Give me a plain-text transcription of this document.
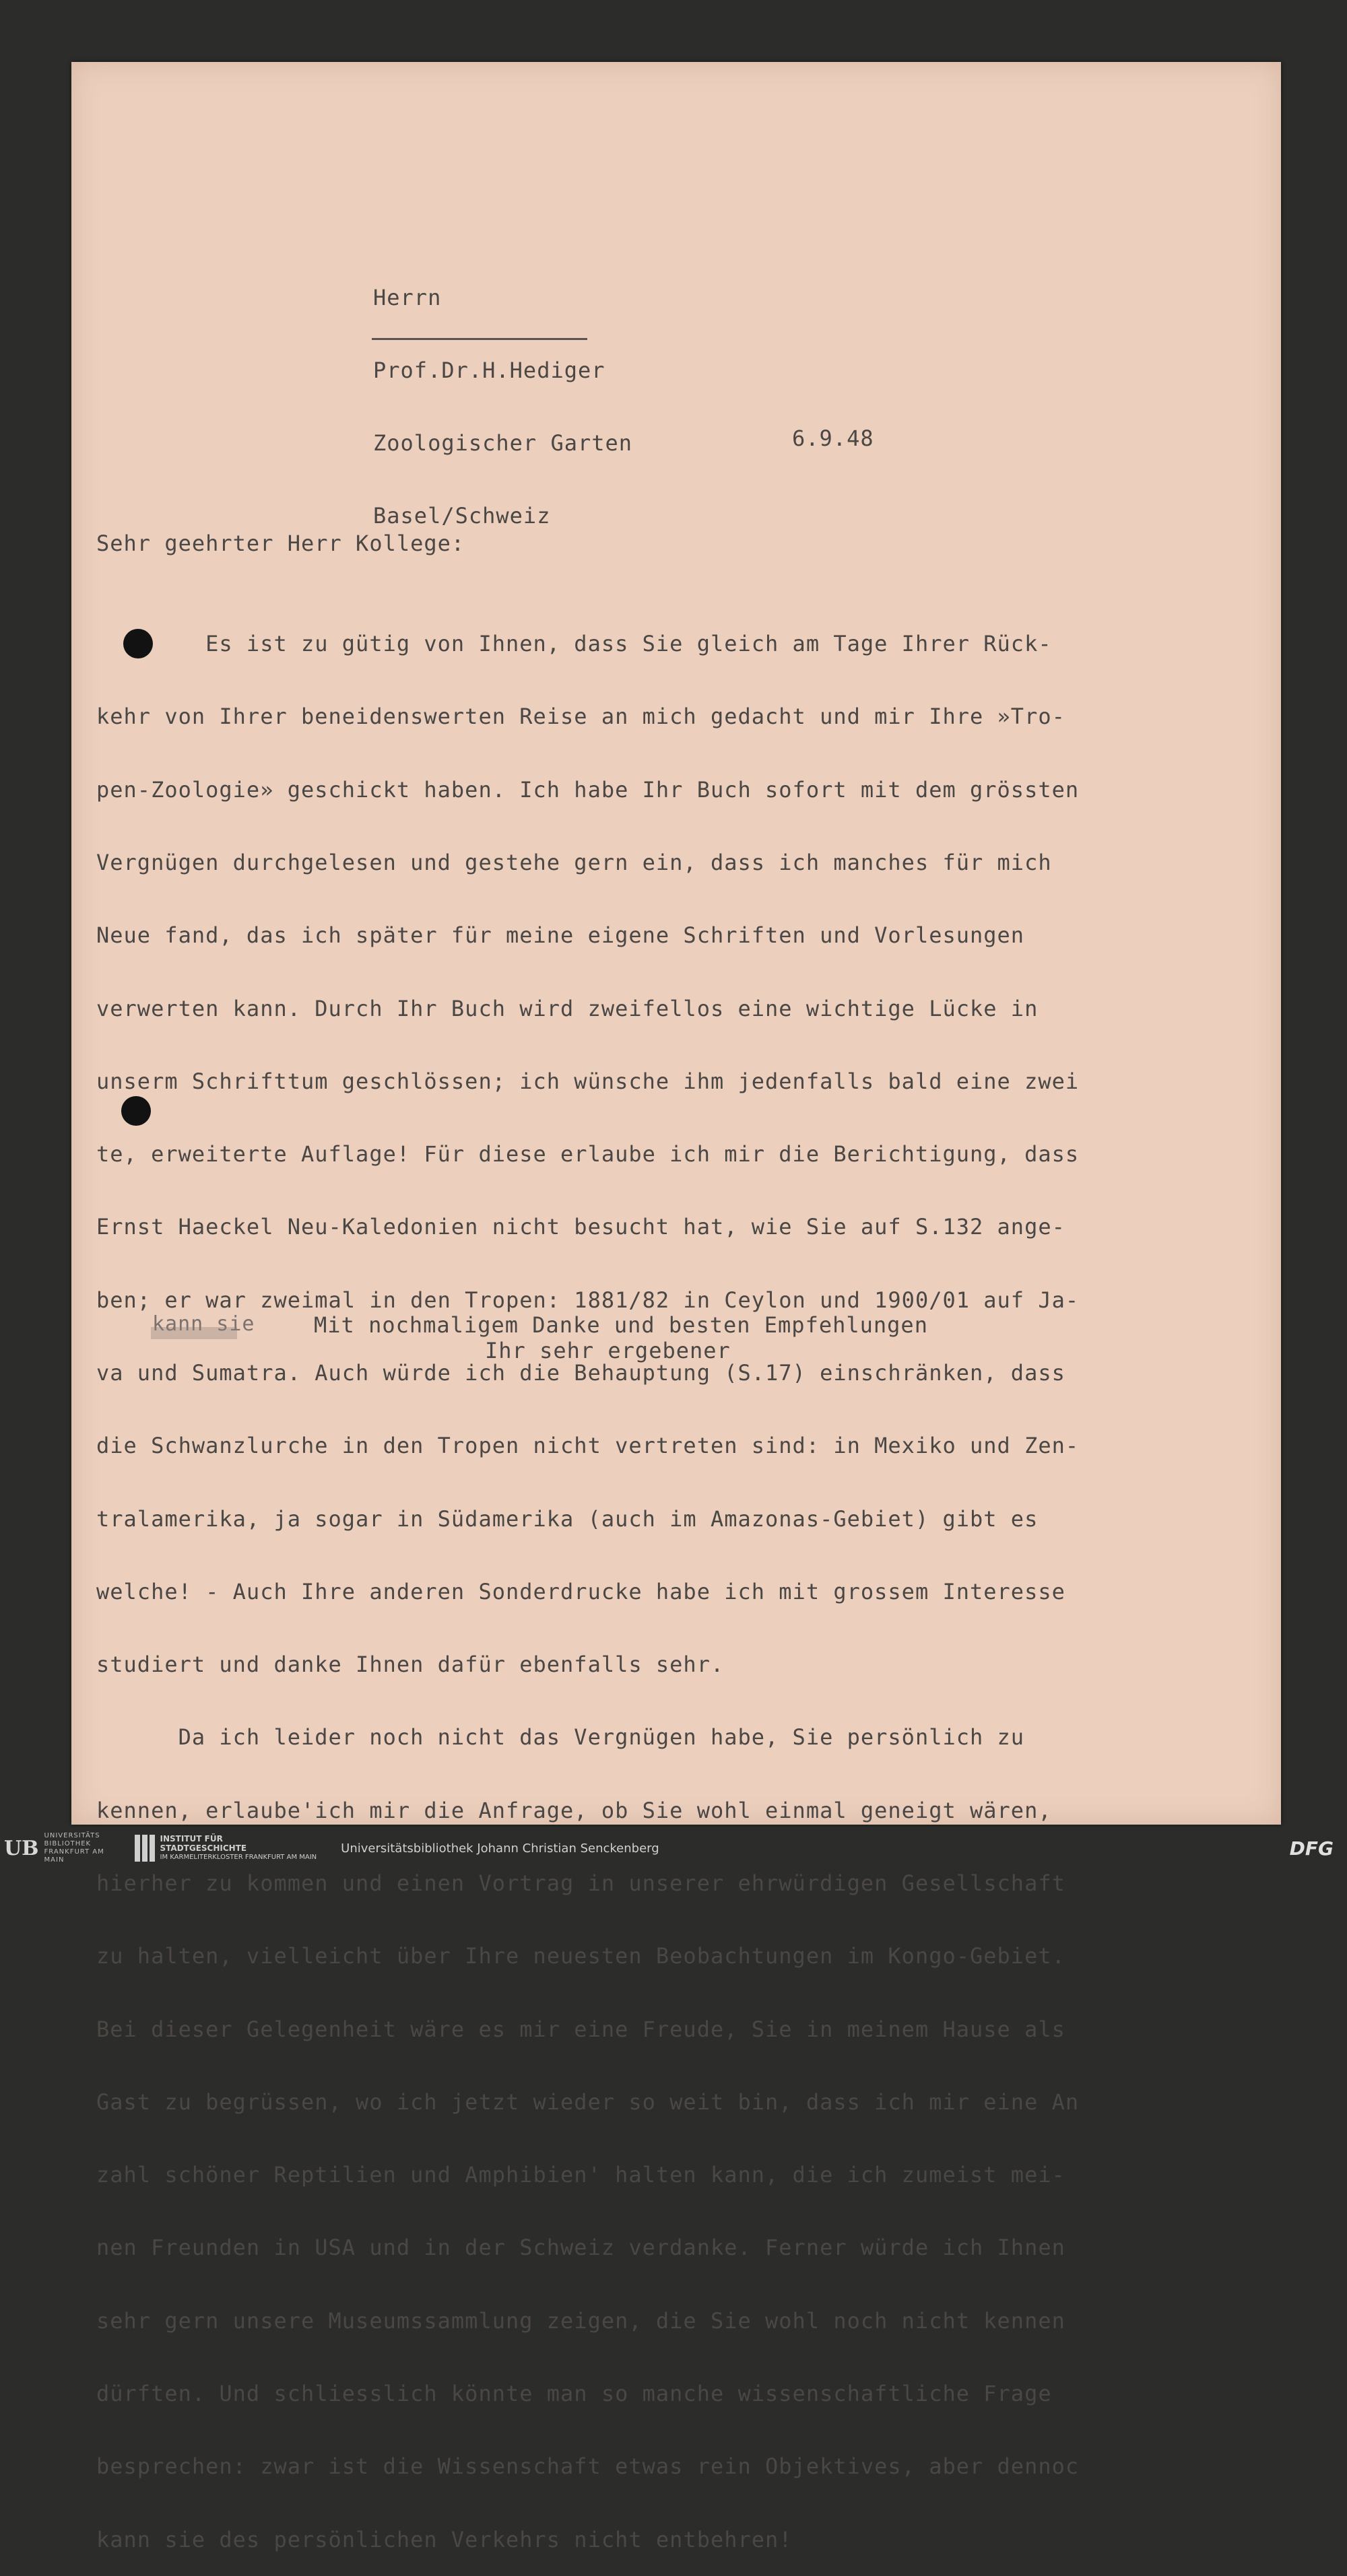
Herrn

Prof.Dr.H.Hediger

Zoologischer Garten

Basel/Schweiz

6.9.48
Sehr geehrter Herr Kollege:

Es ist zu gütig von Ihnen, dass Sie gleich am Tage Ihrer Rück-

kehr von Ihrer beneidenswerten Reise an mich gedacht und mir Ihre »Tro-

pen-Zoologie» geschickt haben. Ich habe Ihr Buch sofort mit dem grössten

Vergnügen durchgelesen und gestehe gern ein, dass ich manches für mich

Neue fand, das ich später für meine eigene Schriften und Vorlesungen

verwerten kann. Durch Ihr Buch wird zweifellos eine wichtige Lücke in

unserm Schrifttum geschlössen; ich wünsche ihm jedenfalls bald eine zwei

te, erweiterte Auflage! Für diese erlaube ich mir die Berichtigung, dass

Ernst Haeckel Neu-Kaledonien nicht besucht hat, wie Sie auf S.132 ange-

ben; er war zweimal in den Tropen: 1881/82 in Ceylon und 1900/01 auf Ja-

va und Sumatra. Auch würde ich die Behauptung (S.17) einschränken, dass

die Schwanzlurche in den Tropen nicht vertreten sind: in Mexiko und Zen-

tralamerika, ja sogar in Südamerika (auch im Amazonas-Gebiet) gibt es

welche! - Auch Ihre anderen Sonderdrucke habe ich mit grossem Interesse

studiert und danke Ihnen dafür ebenfalls sehr.

Da ich leider noch nicht das Vergnügen habe, Sie persönlich zu

kennen, erlaube'ich mir die Anfrage, ob Sie wohl einmal geneigt wären,

hierher zu kommen und einen Vortrag in unserer ehrwürdigen Gesellschaft

zu halten, vielleicht über Ihre neuesten Beobachtungen im Kongo-Gebiet.

Bei dieser Gelegenheit wäre es mir eine Freude, Sie in meinem Hause als

Gast zu begrüssen, wo ich jetzt wieder so weit bin, dass ich mir eine An

zahl schöner Reptilien und Amphibien' halten kann, die ich zumeist mei-

nen Freunden in USA und in der Schweiz verdanke. Ferner würde ich Ihnen

sehr gern unsere Museumssammlung zeigen, die Sie wohl noch nicht kennen

dürften. Und schliesslich könnte man so manche wissenschaftliche Frage

besprechen: zwar ist die Wissenschaft etwas rein Objektives, aber dennoc

kann sie des persönlichen Verkehrs nicht entbehren!

kann sie	Mit nochmaligem Danke und besten Empfehlungen
Ihr sehr ergebener
UB
UNIVERSITÄTS BIBLIOTHEK FRANKFURT AM MAIN
INSTITUT FÜR
STADTGESCHICHTE
IM KARMELITERKLOSTER FRANKFURT AM MAIN
Universitätsbibliothek Johann Christian Senckenberg	DFG
